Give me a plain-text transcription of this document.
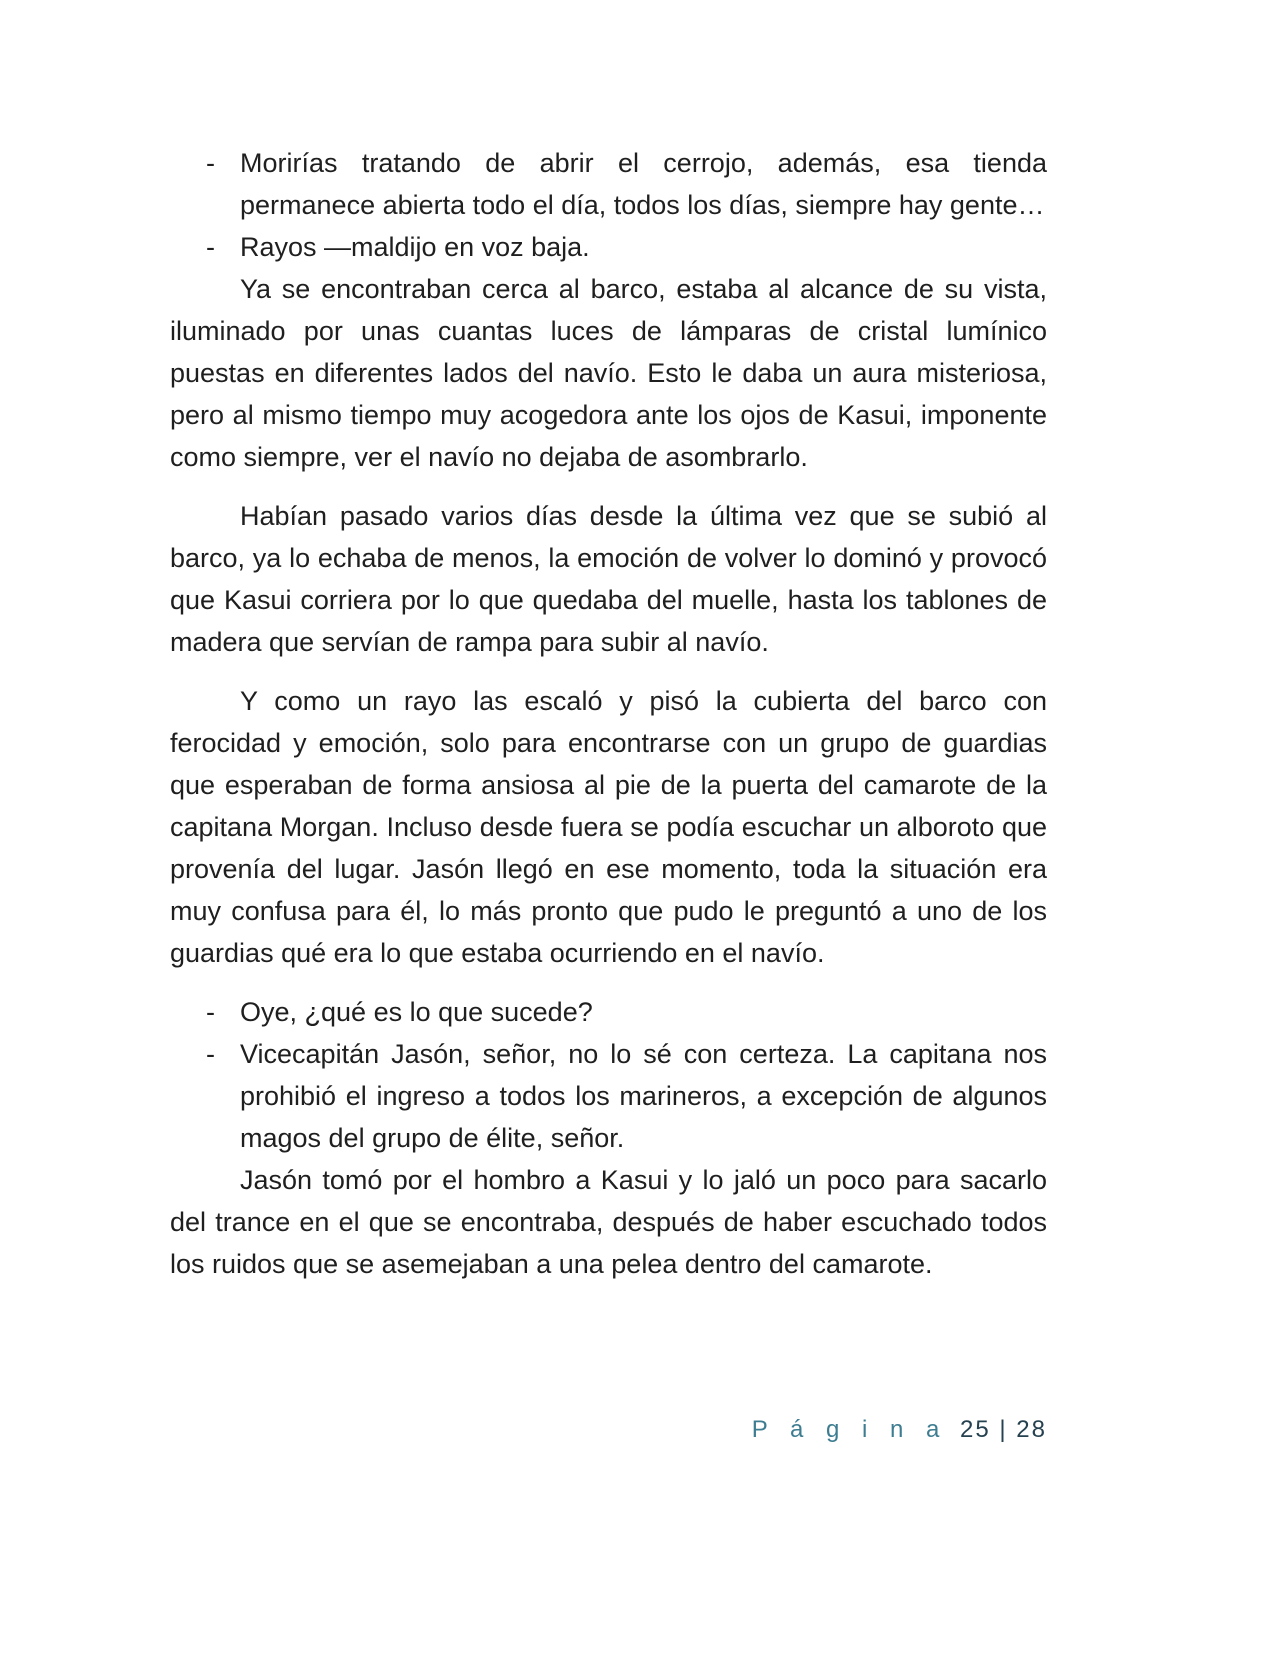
- Morirías tratando de abrir el cerrojo, además, esa tienda permanece abierta todo el día, todos los días, siempre hay gente…
- Rayos —maldijo en voz baja.
Ya se encontraban cerca al barco, estaba al alcance de su vista, iluminado por unas cuantas luces de lámparas de cristal lumínico puestas en diferentes lados del navío. Esto le daba un aura misteriosa, pero al mismo tiempo muy acogedora ante los ojos de Kasui, imponente como siempre, ver el navío no dejaba de asombrarlo.
Habían pasado varios días desde la última vez que se subió al barco, ya lo echaba de menos, la emoción de volver lo dominó y provocó que Kasui corriera por lo que quedaba del muelle, hasta los tablones de madera que servían de rampa para subir al navío.
Y como un rayo las escaló y pisó la cubierta del barco con ferocidad y emoción, solo para encontrarse con un grupo de guardias que esperaban de forma ansiosa al pie de la puerta del camarote de la capitana Morgan. Incluso desde fuera se podía escuchar un alboroto que provenía del lugar. Jasón llegó en ese momento, toda la situación era muy confusa para él, lo más pronto que pudo le preguntó a uno de los guardias qué era lo que estaba ocurriendo en el navío.
- Oye, ¿qué es lo que sucede?
- Vicecapitán Jasón, señor, no lo sé con certeza. La capitana nos prohibió el ingreso a todos los marineros, a excepción de algunos magos del grupo de élite, señor.
Jasón tomó por el hombro a Kasui y lo jaló un poco para sacarlo del trance en el que se encontraba, después de haber escuchado todos los ruidos que se asemejaban a una pelea dentro del camarote.
P á g i n a 25 | 28
